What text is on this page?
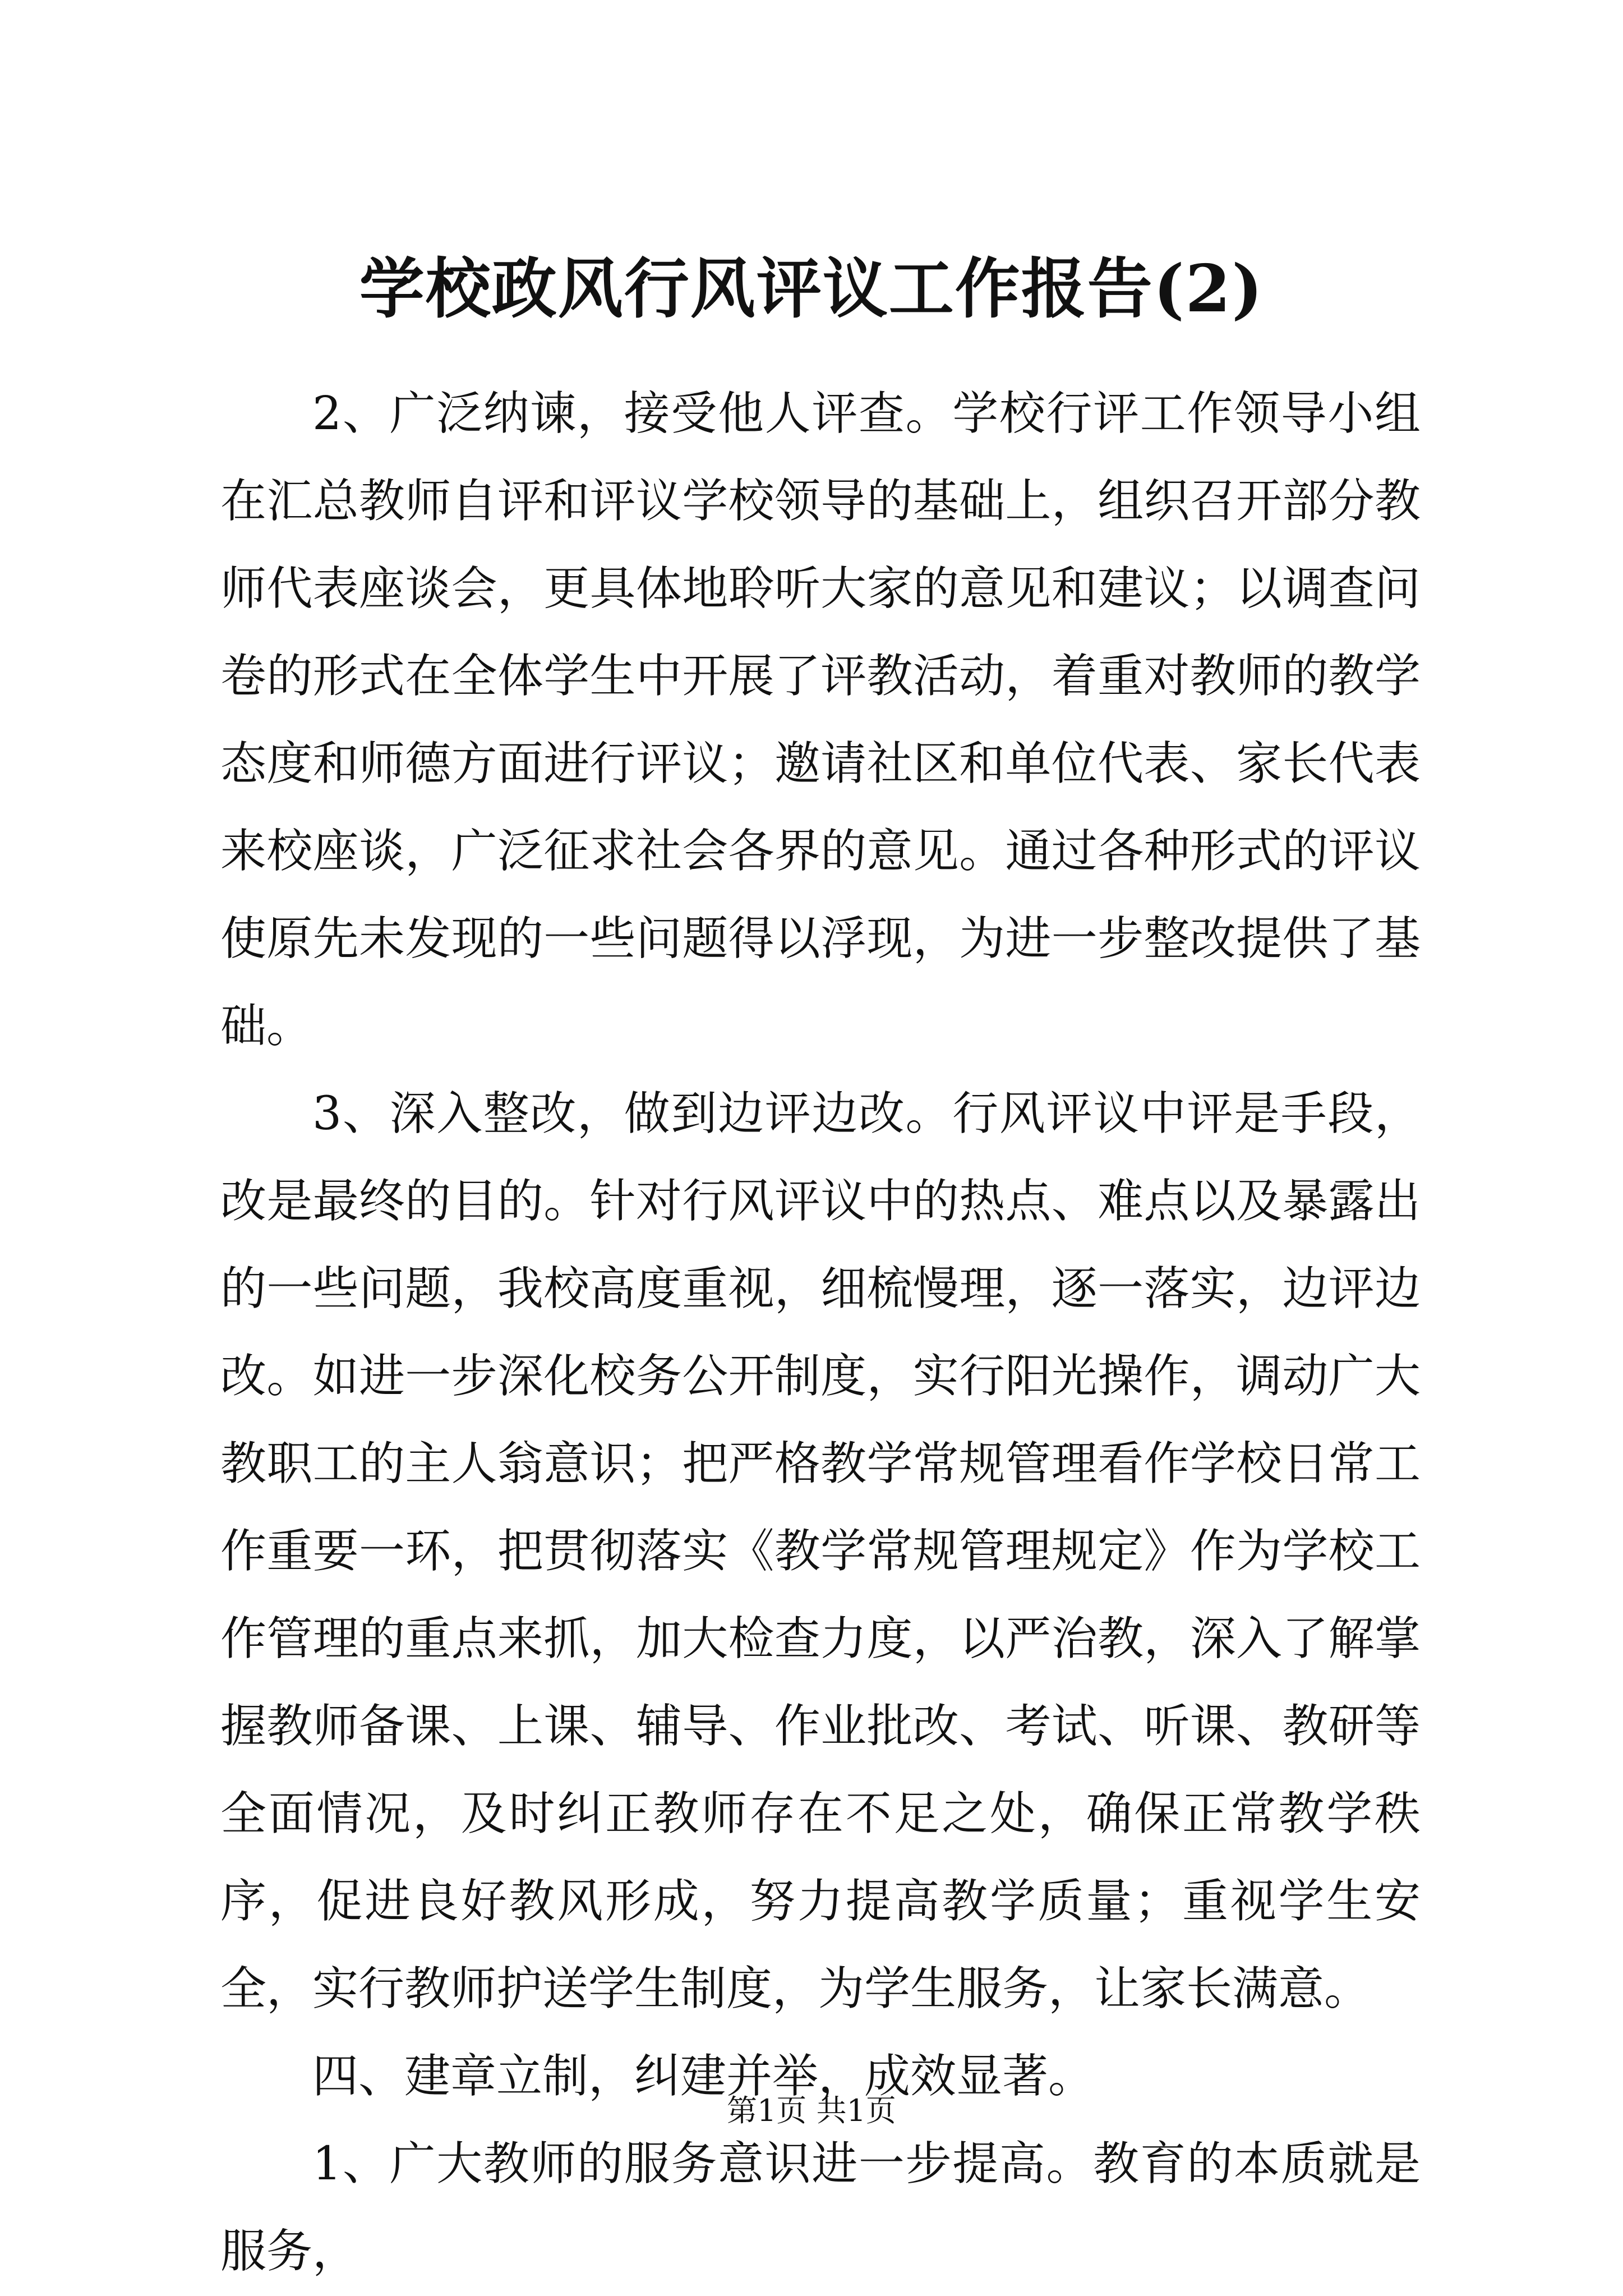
学校政风行风评议工作报告(2)

2、广泛纳谏，接受他人评查。学校行评工作领导小组在汇总教师自评和评议学校领导的基础上，组织召开部分教师代表座谈会，更具体地聆听大家的意见和建议；以调查问卷的形式在全体学生中开展了评教活动，着重对教师的教学态度和师德方面进行评议；邀请社区和单位代表、家长代表来校座谈，广泛征求社会各界的意见。通过各种形式的评议使原先未发现的一些问题得以浮现，为进一步整改提供了基础。

3、深入整改，做到边评边改。行风评议中评是手段，改是最终的目的。针对行风评议中的热点、难点以及暴露出的一些问题，我校高度重视，细梳慢理，逐一落实，边评边改。如进一步深化校务公开制度，实行阳光操作，调动广大教职工的主人翁意识；把严格教学常规管理看作学校日常工作重要一环，把贯彻落实《教学常规管理规定》作为学校工作管理的重点来抓，加大检查力度，以严治教，深入了解掌握教师备课、上课、辅导、作业批改、考试、听课、教研等全面情况，及时纠正教师存在不足之处，确保正常教学秩序，促进良好教风形成，努力提高教学质量；重视学生安全，实行教师护送学生制度，为学生服务，让家长满意。

四、建章立制，纠建并举，成效显著。

1、广大教师的服务意识进一步提高。教育的本质就是服务，

第1页 共1页
